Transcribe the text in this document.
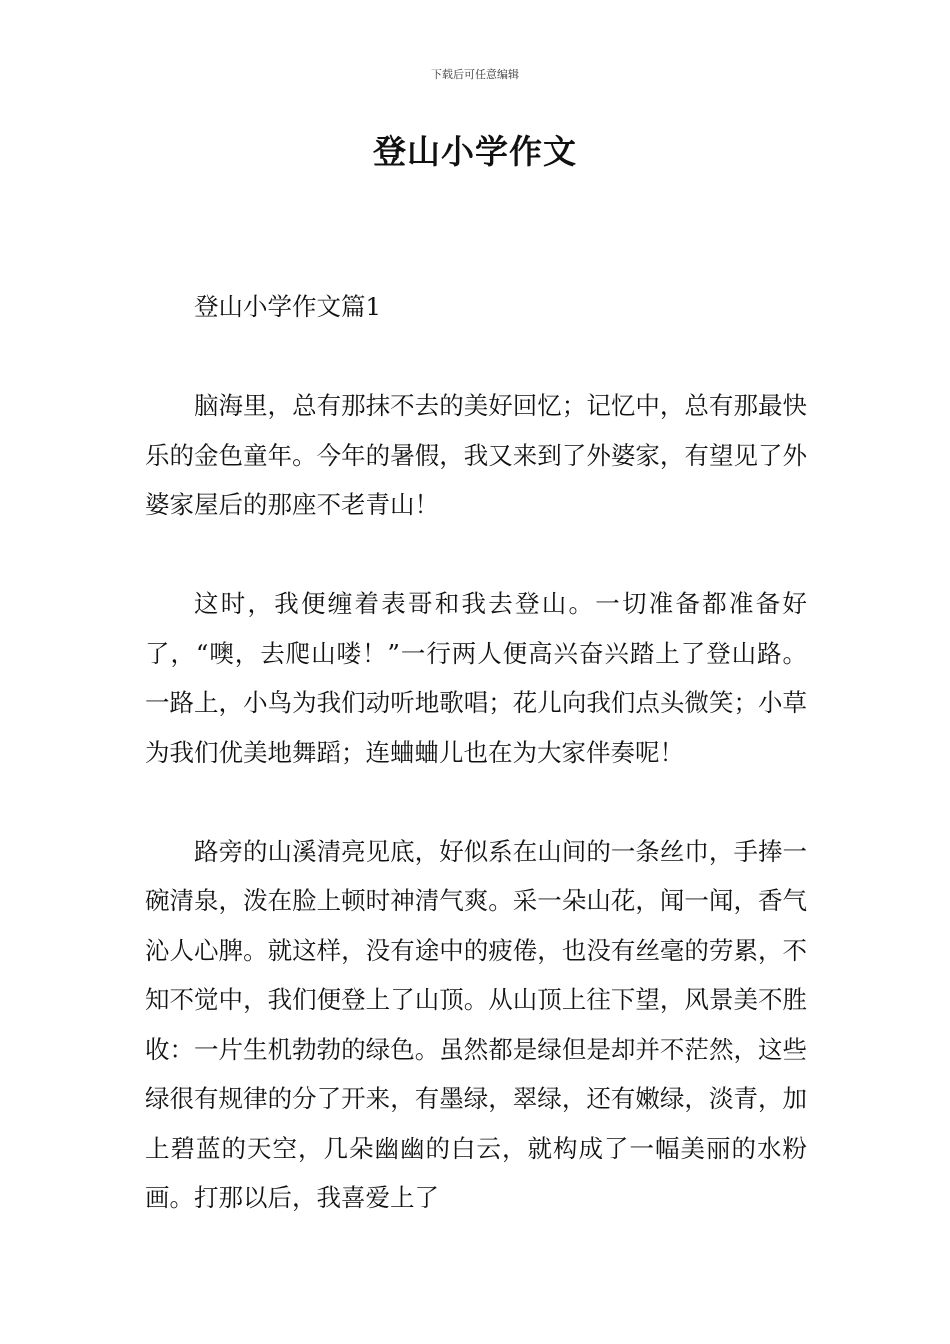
下载后可任意编辑
登山小学作文

登山小学作文篇1

脑海里，总有那抹不去的美好回忆；记忆中，总有那最快乐的金色童年。今年的暑假，我又来到了外婆家，有望见了外婆家屋后的那座不老青山！

这时，我便缠着表哥和我去登山。一切准备都准备好了，“噢，去爬山喽！”一行两人便高兴奋兴踏上了登山路。一路上，小鸟为我们动听地歌唱；花儿向我们点头微笑；小草为我们优美地舞蹈；连蛐蛐儿也在为大家伴奏呢！

路旁的山溪清亮见底，好似系在山间的一条丝巾，手捧一碗清泉，泼在脸上顿时神清气爽。采一朵山花，闻一闻，香气沁人心脾。就这样，没有途中的疲倦，也没有丝毫的劳累，不知不觉中，我们便登上了山顶。从山顶上往下望，风景美不胜收：一片生机勃勃的绿色。虽然都是绿但是却并不茫然，这些绿很有规律的分了开来，有墨绿，翠绿，还有嫩绿，淡青，加上碧蓝的天空，几朵幽幽的白云，就构成了一幅美丽的水粉画。打那以后，我喜爱上了
